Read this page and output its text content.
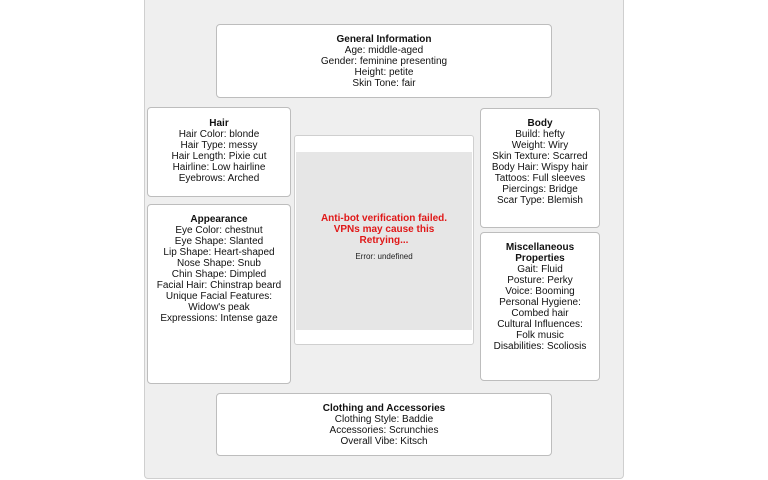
General Information
Age: middle-aged
Gender: feminine presenting
Height: petite
Skin Tone: fair
Hair
Hair Color: blonde
Hair Type: messy
Hair Length: Pixie cut
Hairline: Low hairline
Eyebrows: Arched
Appearance
Eye Color: chestnut
Eye Shape: Slanted
Lip Shape: Heart-shaped
Nose Shape: Snub
Chin Shape: Dimpled
Facial Hair: Chinstrap beard
Unique Facial Features:
Widow's peak
Expressions: Intense gaze
Anti-bot verification failed.
VPNs may cause this
Retrying...
Error: undefined
Body
Build: hefty
Weight: Wiry
Skin Texture: Scarred
Body Hair: Wispy hair
Tattoos: Full sleeves
Piercings: Bridge
Scar Type: Blemish
Miscellaneous
Properties
Gait: Fluid
Posture: Perky
Voice: Booming
Personal Hygiene:
Combed hair
Cultural Influences:
Folk music
Disabilities: Scoliosis
Clothing and Accessories
Clothing Style: Baddie
Accessories: Scrunchies
Overall Vibe: Kitsch
